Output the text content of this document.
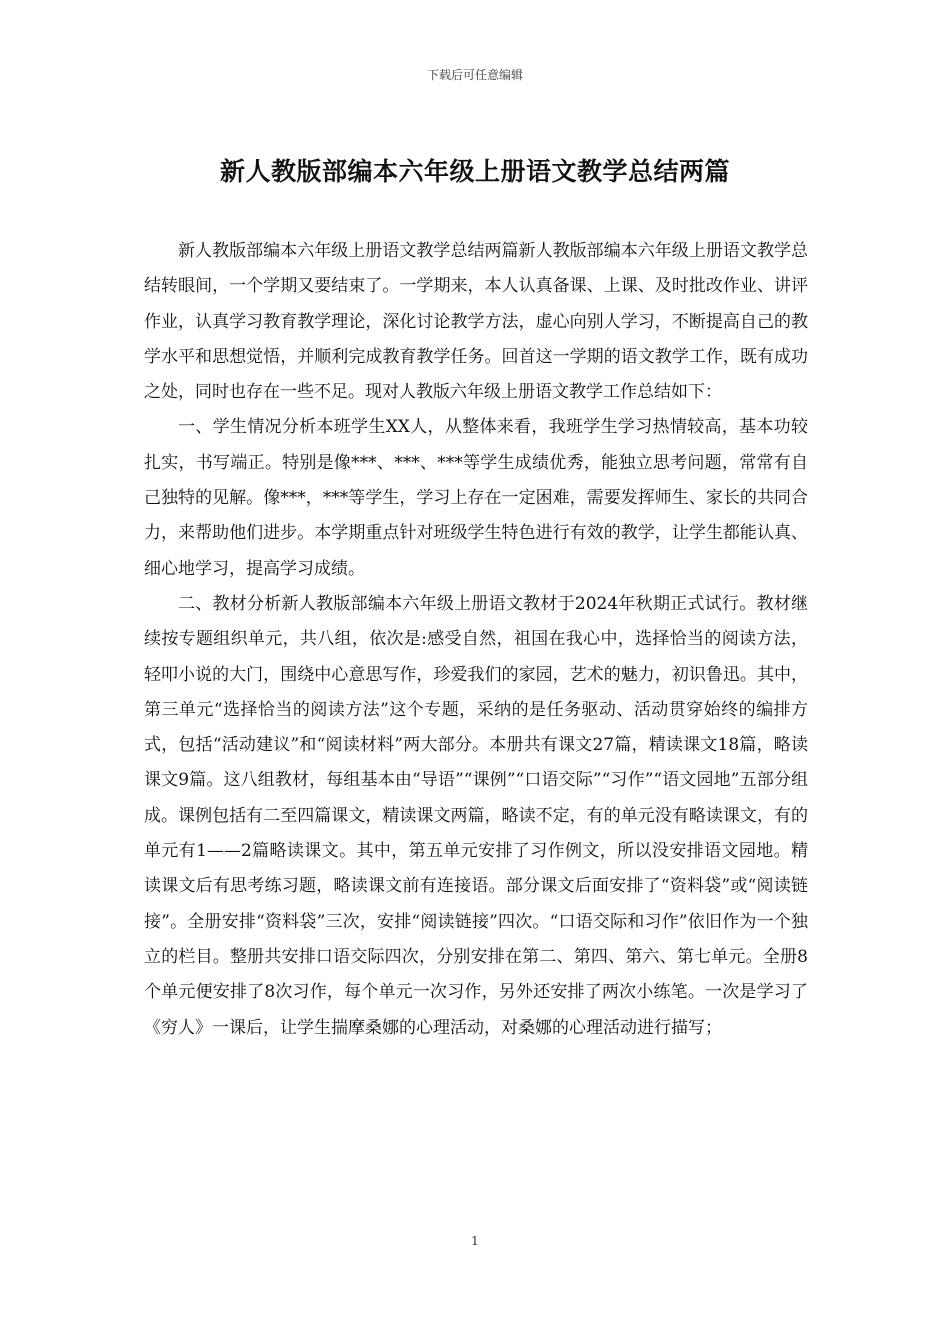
下载后可任意编辑
新人教版部编本六年级上册语文教学总结两篇

新人教版部编本六年级上册语文教学总结两篇新人教版部编本六年级上册语文教学总结转眼间，一个学期又要结束了。一学期来，本人认真备课、上课、及时批改作业、讲评作业，认真学习教育教学理论，深化讨论教学方法，虚心向别人学习，不断提高自己的教学水平和思想觉悟，并顺利完成教育教学任务。回首这一学期的语文教学工作，既有成功之处，同时也存在一些不足。现对人教版六年级上册语文教学工作总结如下：

一、学生情况分析本班学生XX人，从整体来看，我班学生学习热情较高，基本功较扎实，书写端正。特别是像***、***、***等学生成绩优秀，能独立思考问题，常常有自己独特的见解。像***，***等学生，学习上存在一定困难，需要发挥师生、家长的共同合力，来帮助他们进步。本学期重点针对班级学生特色进行有效的教学，让学生都能认真、细心地学习，提高学习成绩。

二、教材分析新人教版部编本六年级上册语文教材于2024年秋期正式试行。教材继续按专题组织单元，共八组，依次是:感受自然，祖国在我心中，选择恰当的阅读方法，轻叩小说的大门，围绕中心意思写作，珍爱我们的家园，艺术的魅力，初识鲁迅。其中，第三单元“选择恰当的阅读方法”这个专题，采纳的是任务驱动、活动贯穿始终的编排方式，包括“活动建议”和“阅读材料”两大部分。本册共有课文27篇，精读课文18篇，略读课文9篇。这八组教材，每组基本由“导语”“课例”“口语交际”“习作”“语文园地”五部分组成。课例包括有二至四篇课文，精读课文两篇，略读不定，有的单元没有略读课文，有的单元有1——2篇略读课文。其中，第五单元安排了习作例文，所以没安排语文园地。精读课文后有思考练习题，略读课文前有连接语。部分课文后面安排了“资料袋”或“阅读链接”。全册安排“资料袋”三次，安排“阅读链接”四次。“口语交际和习作”依旧作为一个独立的栏目。整册共安排口语交际四次，分别安排在第二、第四、第六、第七单元。全册8个单元便安排了8次习作，每个单元一次习作，另外还安排了两次小练笔。一次是学习了《穷人》一课后，让学生揣摩桑娜的心理活动，对桑娜的心理活动进行描写；

1
